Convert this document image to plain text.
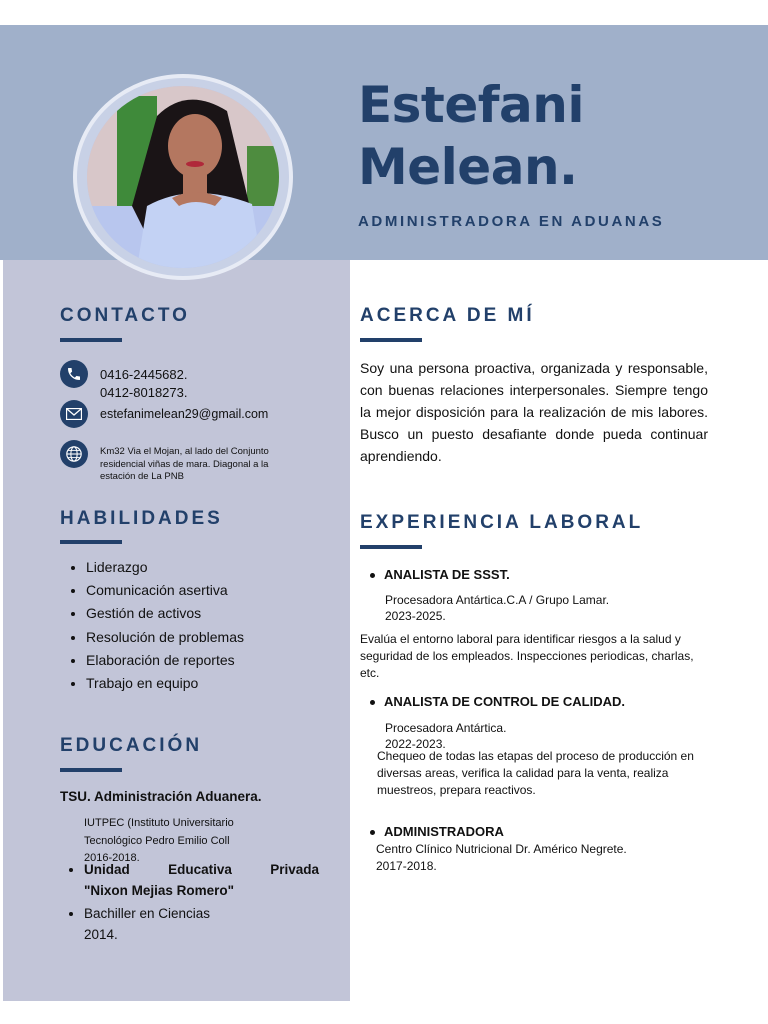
Estefani
Melean.
ADMINISTRADORA EN ADUANAS
CONTACTO
0416-2445682.
0412-8018273.
estefanimelean29@gmail.com
Km32 Via el Mojan, al lado del Conjunto
residencial viñas de mara. Diagonal a la
estación de La PNB
HABILIDADES
• Liderazgo
• Comunicación asertiva
• Gestión de activos
• Resolución de problemas
• Elaboración de reportes
• Trabajo en equipo
EDUCACIÓN
TSU. Administración Aduanera.
IUTPEC (Instituto Universitario
Tecnológico Pedro Emilio Coll
2016-2018.
• Unidad Educativa Privada
"Nixon Mejias Romero"
• Bachiller en Ciencias
2014.
ACERCA DE MÍ

Soy una persona proactiva, organizada y responsable, con buenas relaciones interpersonales. Siempre tengo la mejor disposición para la realización de mis labores. Busco un puesto desafiante donde pueda continuar aprendiendo.

EXPERIENCIA LABORAL
ANALISTA DE SSST.

Procesadora Antártica.C.A / Grupo Lamar.

2023-2025.

Evalúa el entorno laboral para identificar riesgos a la salud y
seguridad de los empleados. Inspecciones periodicas, charlas,
etc.
ANALISTA DE CONTROL DE CALIDAD.

Procesadora Antártica.

2022-2023.

Chequeo de todas las etapas del proceso de producción en
diversas areas, verifica la calidad para la venta, realiza
muestreos, prepara reactivos.
ADMINISTRADORA

Centro Clínico Nutricional Dr. Américo Negrete.

2017-2018.
